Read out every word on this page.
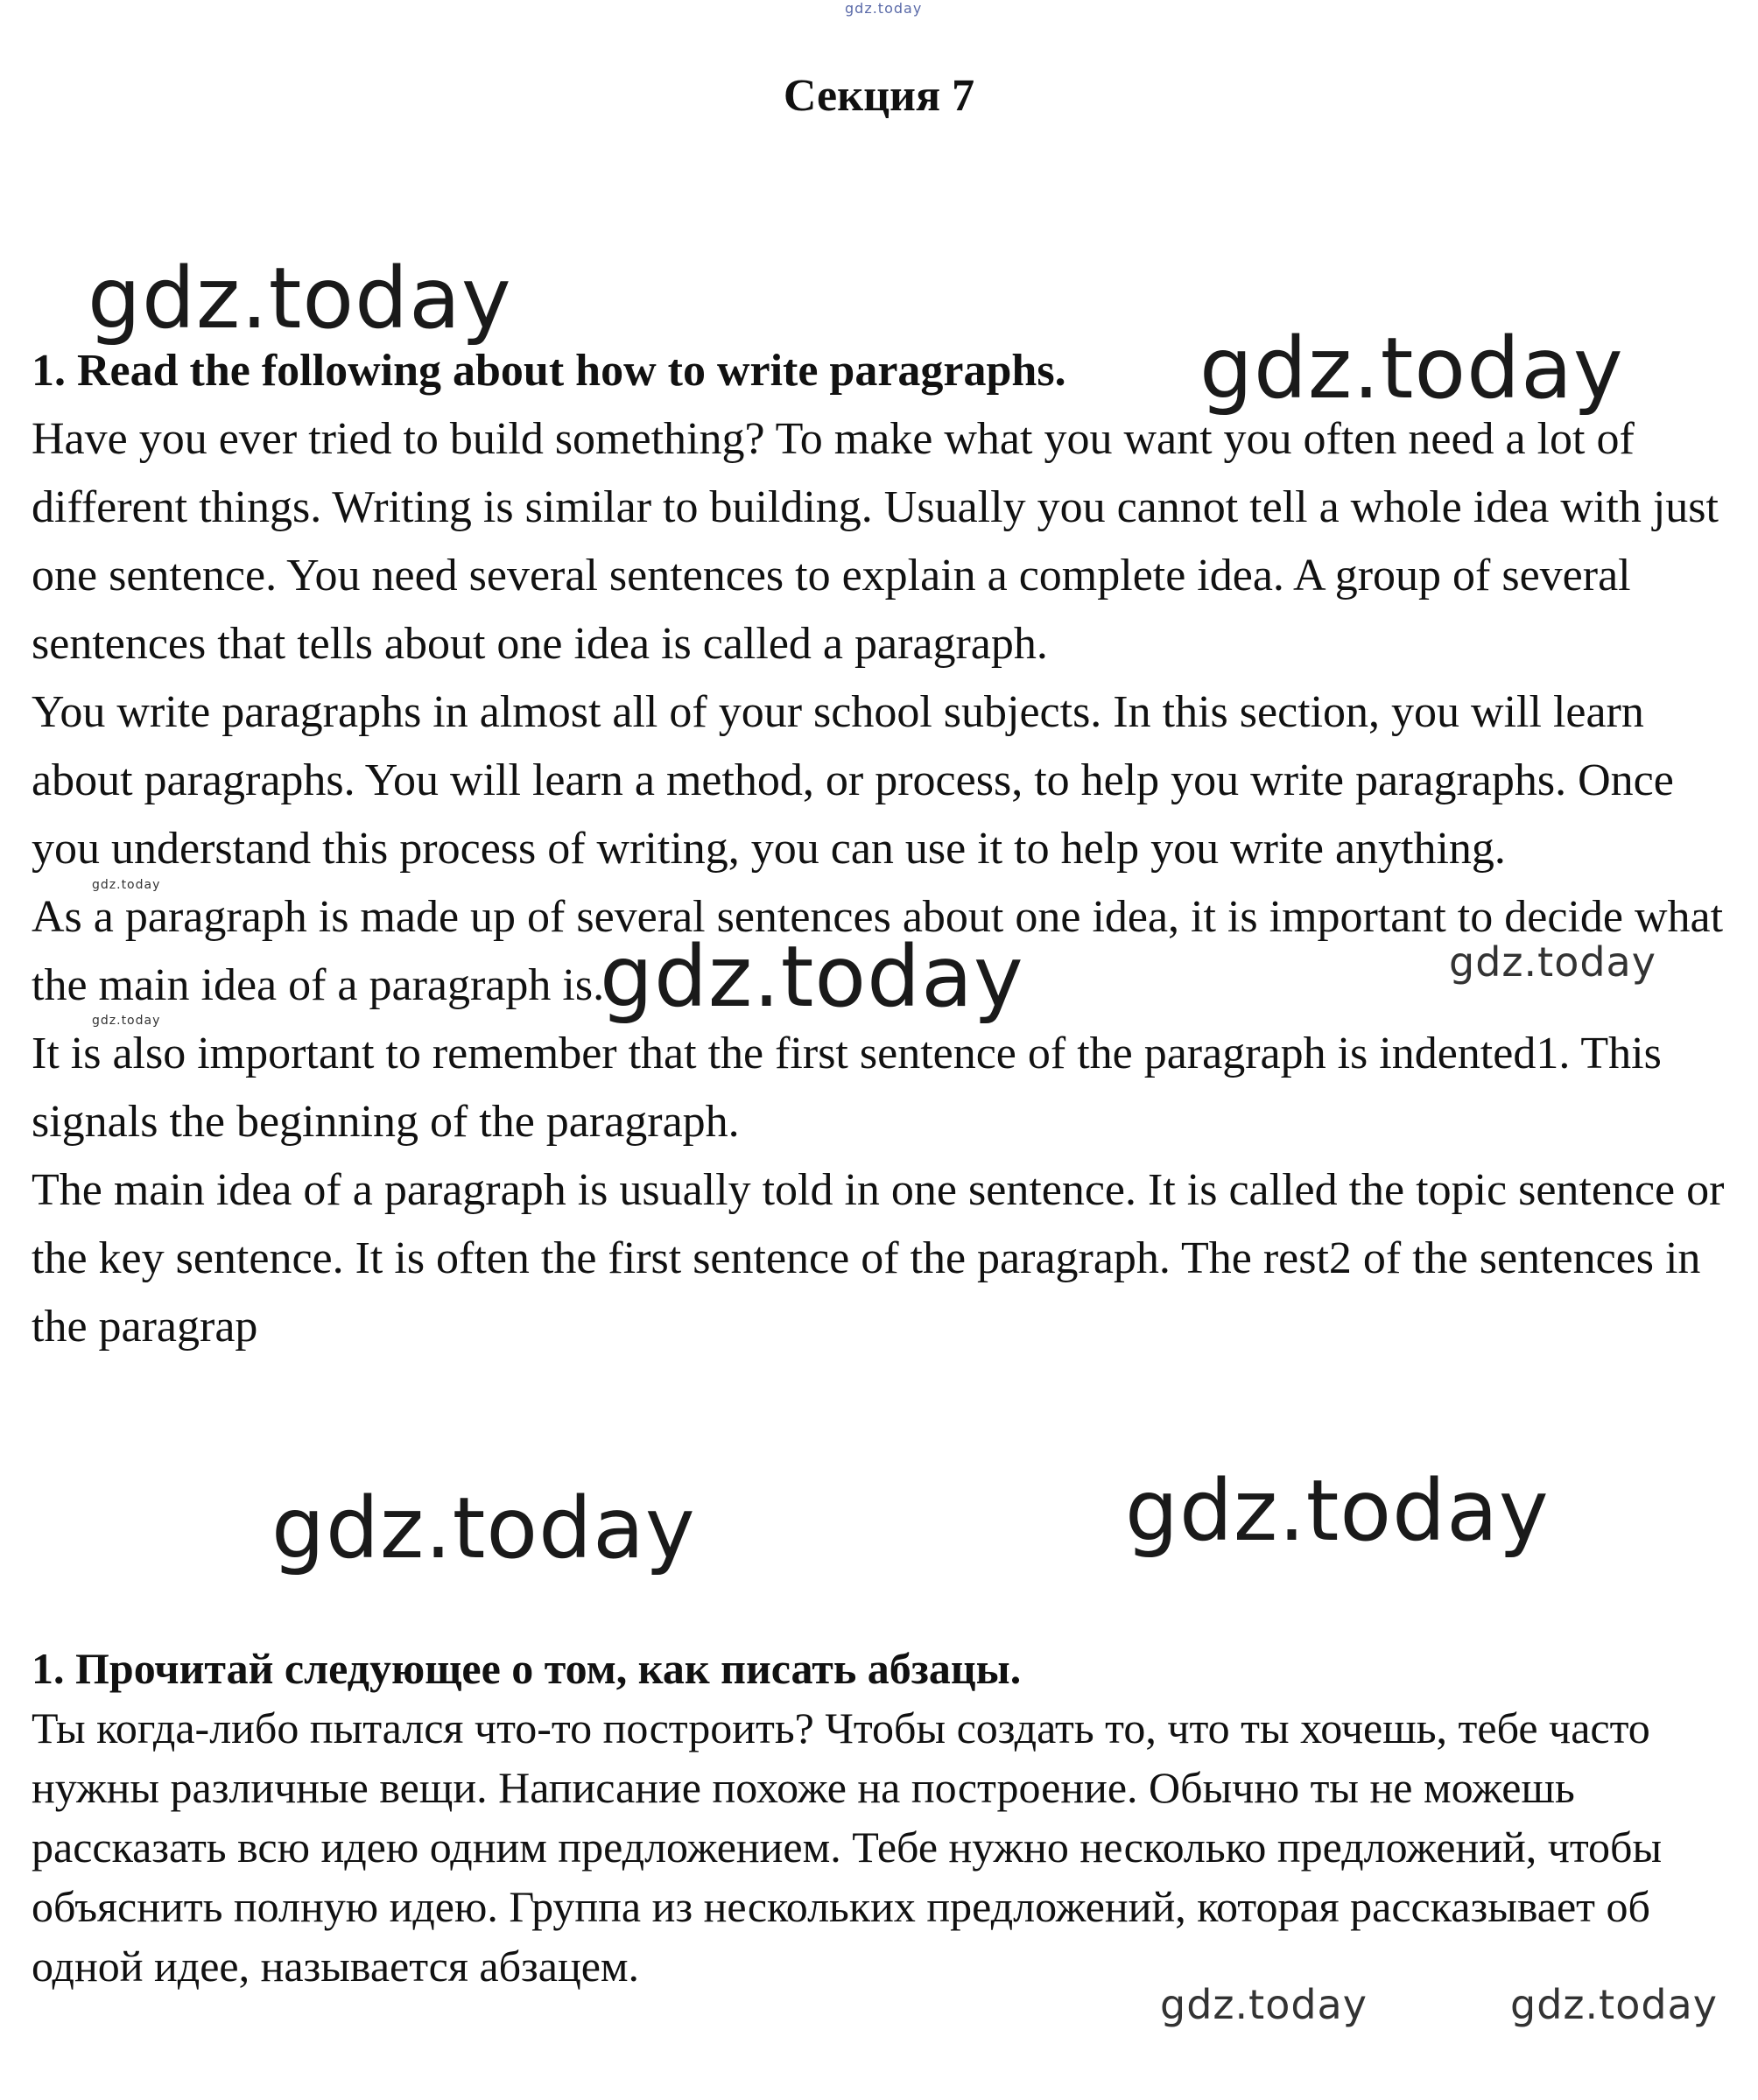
gdz.today
Секция 7

1. Read the following about how to write paragraphs.

Have you ever tried to build something? To make what you want you often need a lot of different things. Writing is similar to building. Usually you cannot tell a whole idea with just one sentence. You need several sentences to explain a complete idea. A group of several sentences that tells about one idea is called a paragraph.

You write paragraphs in almost all of your school subjects. In this section, you will learn about paragraphs. You will learn a method, or process, to help you write paragraphs. Once you understand this process of writing, you can use it to help you write anything.

As a paragraph is made up of several sentences about one idea, it is important to decide what the main idea of a paragraph is.

It is also important to remember that the first sentence of the paragraph is indented1. This signals the beginning of the paragraph.

The main idea of a paragraph is usually told in one sentence. It is called the topic sentence or the key sentence. It is often the first sentence of the paragraph. The rest2 of the sentences in the paragrap

1. Прочитай следующее о том, как писать абзацы.

Ты когда-либо пытался что-то построить? Чтобы создать то, что ты хочешь, тебе часто нужны различные вещи. Написание похоже на построение. Обычно ты не можешь рассказать всю идею одним предложением. Тебе нужно несколько предложений, чтобы объяснить полную идею. Группа из нескольких предложений, которая рассказывает об одной идее, называется абзацем.

gdz.today
gdz.today
gdz.today
gdz.today	gdz.today
gdz.today
gdz.today	gdz.today
gdz.today
gdz.today
